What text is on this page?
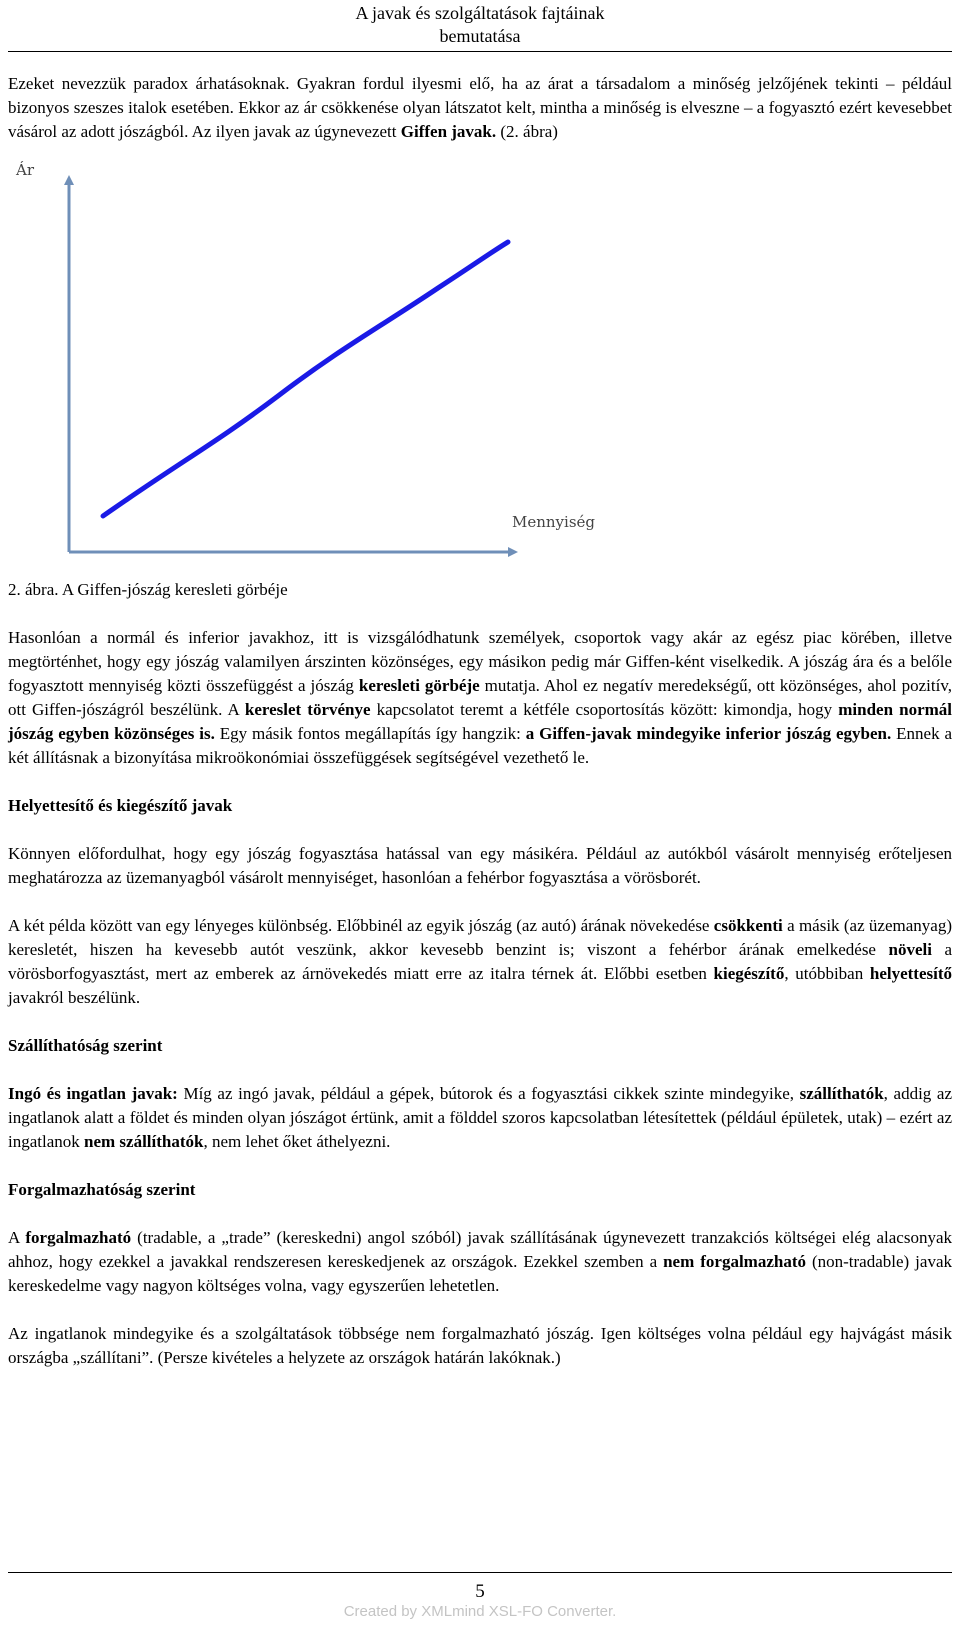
A javak és szolgáltatások fajtáinak
bemutatása

Ezeket nevezzük paradox árhatásoknak. Gyakran fordul ilyesmi elő, ha az árat a társadalom a minőség jelzőjének tekinti – például bizonyos szeszes italok esetében. Ekkor az ár csökkenése olyan látszatot kelt, mintha a minőség is elveszne – a fogyasztó ezért kevesebbet vásárol az adott jószágból. Az ilyen javak az úgynevezett Giffen javak. (2. ábra)

Ár
Mennyiség

2. ábra. A Giffen-jószág keresleti görbéje

Hasonlóan a normál és inferior javakhoz, itt is vizsgálódhatunk személyek, csoportok vagy akár az egész piac körében, illetve megtörténhet, hogy egy jószág valamilyen árszinten közönséges, egy másikon pedig már Giffen-ként viselkedik. A jószág ára és a belőle fogyasztott mennyiség közti összefüggést a jószág keresleti görbéje mutatja. Ahol ez negatív meredekségű, ott közönséges, ahol pozitív, ott Giffen-jószágról beszélünk. A kereslet törvénye kapcsolatot teremt a kétféle csoportosítás között: kimondja, hogy minden normál jószág egyben közönséges is. Egy másik fontos megállapítás így hangzik: a Giffen-javak mindegyike inferior jószág egyben. Ennek a két állításnak a bizonyítása mikroökonómiai összefüggések segítségével vezethető le.

Helyettesítő és kiegészítő javak

Könnyen előfordulhat, hogy egy jószág fogyasztása hatással van egy másikéra. Például az autókból vásárolt mennyiség erőteljesen meghatározza az üzemanyagból vásárolt mennyiséget, hasonlóan a fehérbor fogyasztása a vörösborét.

A két példa között van egy lényeges különbség. Előbbinél az egyik jószág (az autó) árának növekedése csökkenti a másik (az üzemanyag) keresletét, hiszen ha kevesebb autót veszünk, akkor kevesebb benzint is; viszont a fehérbor árának emelkedése növeli a vörösborfogyasztást, mert az emberek az árnövekedés miatt erre az italra térnek át. Előbbi esetben kiegészítő, utóbbiban helyettesítő javakról beszélünk.

Szállíthatóság szerint

Ingó és ingatlan javak: Míg az ingó javak, például a gépek, bútorok és a fogyasztási cikkek szinte mindegyike, szállíthatók, addig az ingatlanok alatt a földet és minden olyan jószágot értünk, amit a földdel szoros kapcsolatban létesítettek (például épületek, utak) – ezért az ingatlanok nem szállíthatók, nem lehet őket áthelyezni.

Forgalmazhatóság szerint

A forgalmazható (tradable, a „trade” (kereskedni) angol szóból) javak szállításának úgynevezett tranzakciós költségei elég alacsonyak ahhoz, hogy ezekkel a javakkal rendszeresen kereskedjenek az országok. Ezekkel szemben a nem forgalmazható (non-tradable) javak kereskedelme vagy nagyon költséges volna, vagy egyszerűen lehetetlen.

Az ingatlanok mindegyike és a szolgáltatások többsége nem forgalmazható jószág. Igen költséges volna például egy hajvágást másik országba „szállítani”. (Persze kivételes a helyzete az országok határán lakóknak.)

5
Created by XMLmind XSL-FO Converter.
